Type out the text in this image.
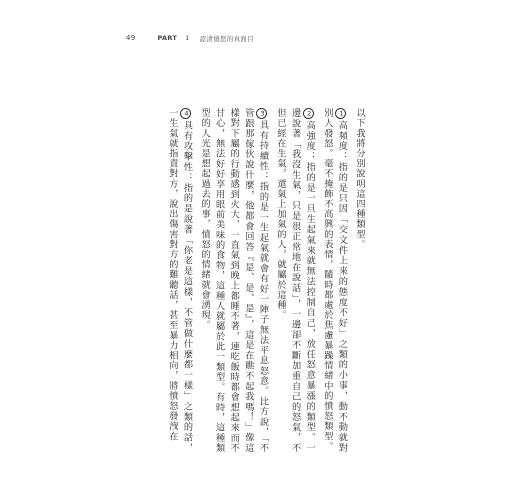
49	PART 1 認清憤怒的真面目

以下我將分別說明這四種類型。

1高頻度：指的是只因「交文件上來的態度不好」之類的小事，動不動就對別人發怒。毫不掩飾不高興的表情，隨時都處於焦慮暴躁情緒中的憤怒類型。

2高強度：指的是一旦生起氣來就無法控制自己，放任怒意暴漲的類型。一邊說著「我沒生氣，只是很正常地在說話」，一邊卻不斷加重自己的怒氣，不但已經在生氣，還氣上加氣的人，就屬於這種。

3具有持續性：指的是一生起氣就會有好一陣子無法平息怒意。比方說，「不管跟那傢伙說什麼，他都會回答『是、是、是』，這是在瞧不起我嗎！」像這樣對下屬的行動感到火大，一直氣到晚上都睡不著，連吃飯時都會想起來而不甘心，無法好好享用眼前美味的食物，這種人就屬於此一類型。有時，這種類型的人光是想起過去的事，憤怒的情緒就會湧現。

4具有攻擊性：指的是說著「你老是這樣，不管做什麼都一樣」之類的話，一生氣就指責對方，說出傷害對方的難聽話，甚至暴力相向，將憤怒發洩在
